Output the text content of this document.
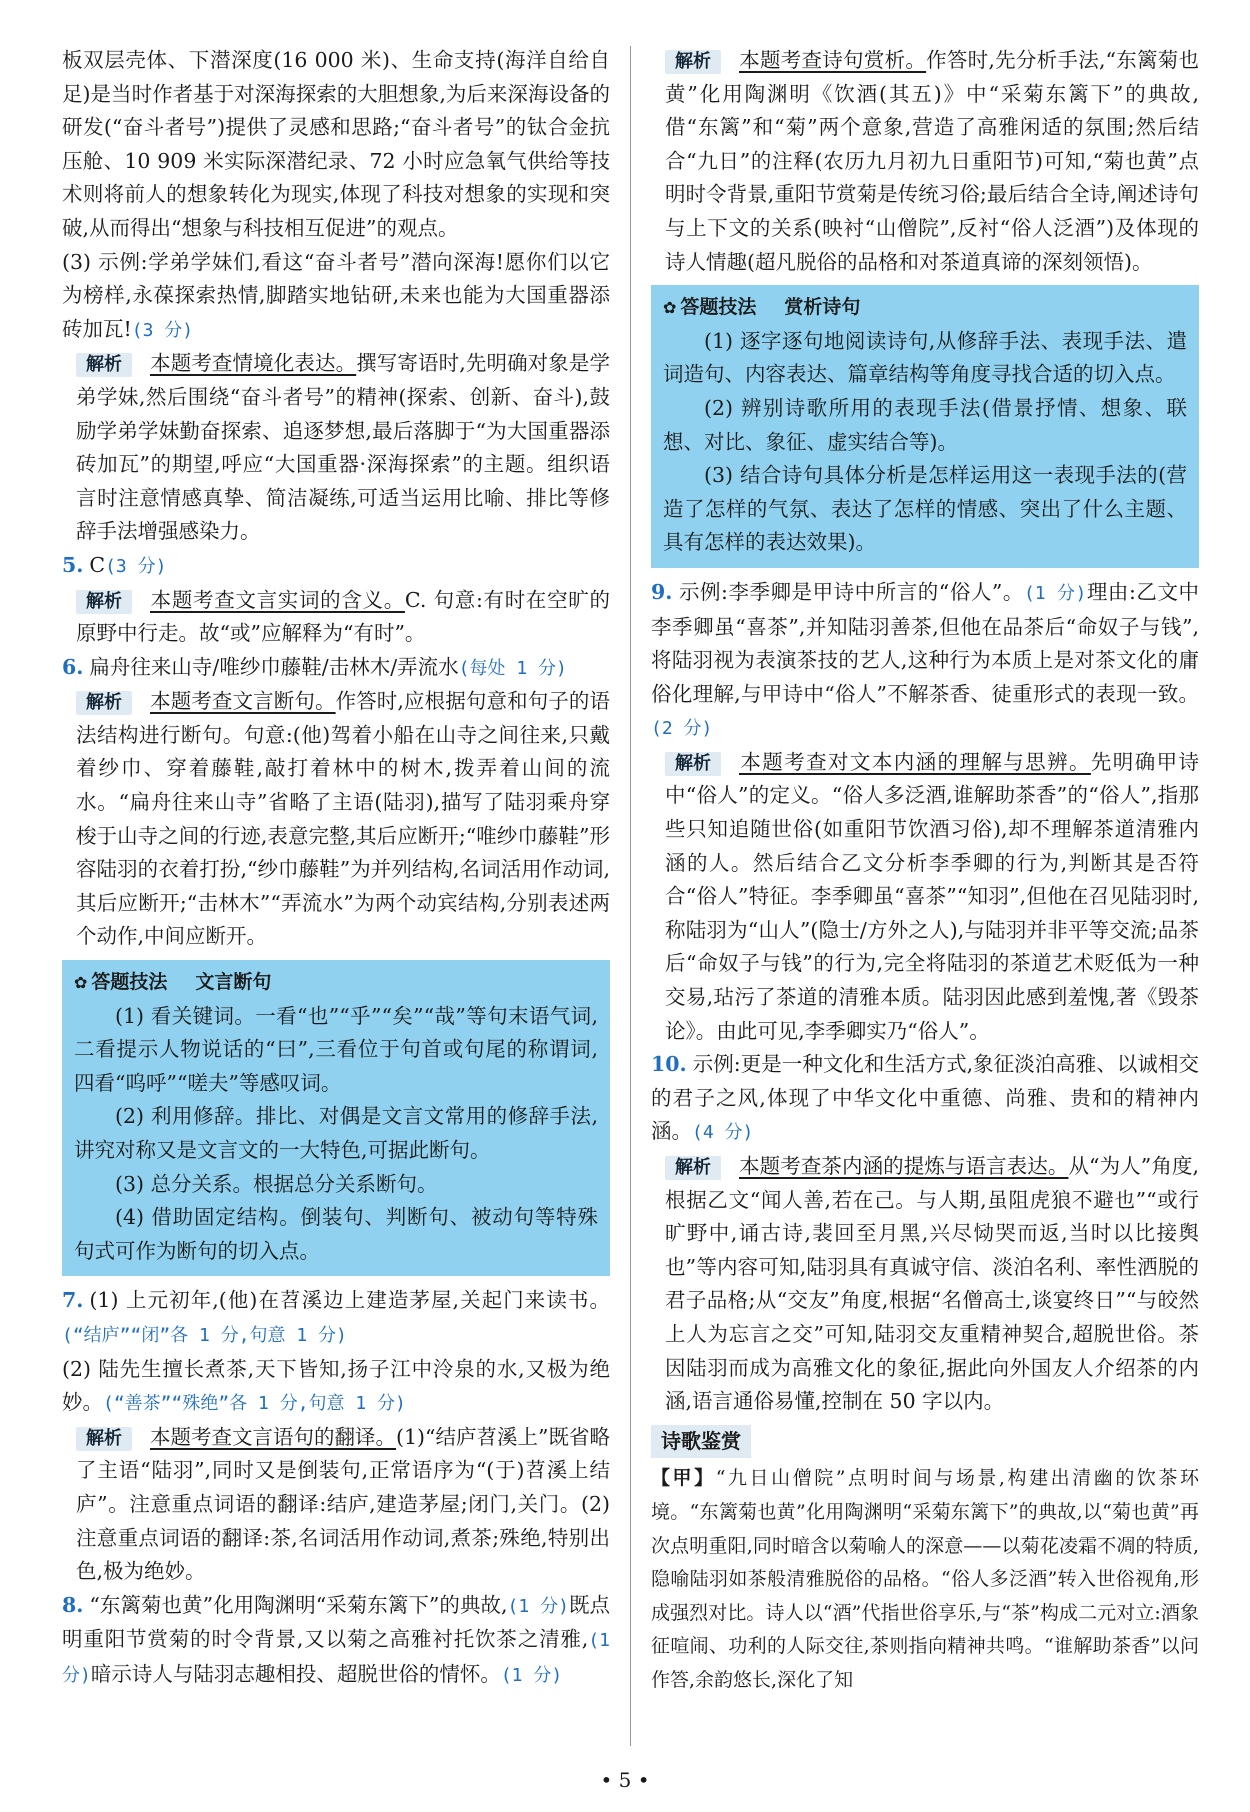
板双层壳体、下潜深度(16 000 米)、生命支持(海洋自给自足)是当时作者基于对深海探索的大胆想象,为后来深海设备的研发(“奋斗者号”)提供了灵感和思路;“奋斗者号”的钛合金抗压舱、10 909 米实际深潜纪录、72 小时应急氧气供给等技术则将前人的想象转化为现实,体现了科技对想象的实现和突破,从而得出“想象与科技相互促进”的观点。

(3) 示例:学弟学妹们,看这“奋斗者号”潜向深海!愿你们以它为榜样,永葆探索热情,脚踏实地钻研,未来也能为大国重器添砖加瓦!(3 分)

解析 本题考查情境化表达。撰写寄语时,先明确对象是学弟学妹,然后围绕“奋斗者号”的精神(探索、创新、奋斗),鼓励学弟学妹勤奋探索、追逐梦想,最后落脚于“为大国重器添砖加瓦”的期望,呼应“大国重器·深海探索”的主题。组织语言时注意情感真挚、简洁凝练,可适当运用比喻、排比等修辞手法增强感染力。

5. C(3 分)

解析 本题考查文言实词的含义。C. 句意:有时在空旷的原野中行走。故“或”应解释为“有时”。

6. 扁舟往来山寺/唯纱巾藤鞋/击林木/弄流水(每处 1 分)

解析 本题考查文言断句。作答时,应根据句意和句子的语法结构进行断句。句意:(他)驾着小船在山寺之间往来,只戴着纱巾、穿着藤鞋,敲打着林中的树木,拨弄着山间的流水。“扁舟往来山寺”省略了主语(陆羽),描写了陆羽乘舟穿梭于山寺之间的行迹,表意完整,其后应断开;“唯纱巾藤鞋”形容陆羽的衣着打扮,“纱巾藤鞋”为并列结构,名词活用作动词,其后应断开;“击林木”“弄流水”为两个动宾结构,分别表述两个动作,中间应断开。

✿ 答题技法 文言断句

(1) 看关键词。一看“也”“乎”“矣”“哉”等句末语气词,二看提示人物说话的“曰”,三看位于句首或句尾的称谓词,四看“呜呼”“嗟夫”等感叹词。

(2) 利用修辞。排比、对偶是文言文常用的修辞手法,讲究对称又是文言文的一大特色,可据此断句。

(3) 总分关系。根据总分关系断句。

(4) 借助固定结构。倒装句、判断句、被动句等特殊句式可作为断句的切入点。

7. (1) 上元初年,(他)在苕溪边上建造茅屋,关起门来读书。(“结庐”“闭”各 1 分,句意 1 分)

(2) 陆先生擅长煮茶,天下皆知,扬子江中泠泉的水,又极为绝妙。(“善茶”“殊绝”各 1 分,句意 1 分)

解析 本题考查文言语句的翻译。(1)“结庐苕溪上”既省略了主语“陆羽”,同时又是倒装句,正常语序为“(于)苕溪上结庐”。注意重点词语的翻译:结庐,建造茅屋;闭门,关门。(2) 注意重点词语的翻译:茶,名词活用作动词,煮茶;殊绝,特别出色,极为绝妙。

8. “东篱菊也黄”化用陶渊明“采菊东篱下”的典故,(1 分)既点明重阳节赏菊的时令背景,又以菊之高雅衬托饮茶之清雅,(1 分)暗示诗人与陆羽志趣相投、超脱世俗的情怀。(1 分)

解析 本题考查诗句赏析。作答时,先分析手法,“东篱菊也黄”化用陶渊明《饮酒(其五)》中“采菊东篱下”的典故,借“东篱”和“菊”两个意象,营造了高雅闲适的氛围;然后结合“九日”的注释(农历九月初九日重阳节)可知,“菊也黄”点明时令背景,重阳节赏菊是传统习俗;最后结合全诗,阐述诗句与上下文的关系(映衬“山僧院”,反衬“俗人泛酒”)及体现的诗人情趣(超凡脱俗的品格和对茶道真谛的深刻领悟)。

✿ 答题技法 赏析诗句

(1) 逐字逐句地阅读诗句,从修辞手法、表现手法、遣词造句、内容表达、篇章结构等角度寻找合适的切入点。

(2) 辨别诗歌所用的表现手法(借景抒情、想象、联想、对比、象征、虚实结合等)。

(3) 结合诗句具体分析是怎样运用这一表现手法的(营造了怎样的气氛、表达了怎样的情感、突出了什么主题、具有怎样的表达效果)。

9. 示例:李季卿是甲诗中所言的“俗人”。(1 分)理由:乙文中李季卿虽“喜茶”,并知陆羽善茶,但他在品茶后“命奴子与钱”,将陆羽视为表演茶技的艺人,这种行为本质上是对茶文化的庸俗化理解,与甲诗中“俗人”不解茶香、徒重形式的表现一致。(2 分)

解析 本题考查对文本内涵的理解与思辨。先明确甲诗中“俗人”的定义。“俗人多泛酒,谁解助茶香”的“俗人”,指那些只知追随世俗(如重阳节饮酒习俗),却不理解茶道清雅内涵的人。然后结合乙文分析李季卿的行为,判断其是否符合“俗人”特征。李季卿虽“喜茶”“知羽”,但他在召见陆羽时,称陆羽为“山人”(隐士/方外之人),与陆羽并非平等交流;品茶后“命奴子与钱”的行为,完全将陆羽的茶道艺术贬低为一种交易,玷污了茶道的清雅本质。陆羽因此感到羞愧,著《毁茶论》。由此可见,李季卿实乃“俗人”。

10. 示例:更是一种文化和生活方式,象征淡泊高雅、以诚相交的君子之风,体现了中华文化中重德、尚雅、贵和的精神内涵。(4 分)

解析 本题考查茶内涵的提炼与语言表达。从“为人”角度,根据乙文“闻人善,若在己。与人期,虽阻虎狼不避也”“或行旷野中,诵古诗,裴回至月黑,兴尽恸哭而返,当时以比接舆也”等内容可知,陆羽具有真诚守信、淡泊名利、率性洒脱的君子品格;从“交友”角度,根据“名僧高士,谈宴终日”“与皎然上人为忘言之交”可知,陆羽交友重精神契合,超脱世俗。茶因陆羽而成为高雅文化的象征,据此向外国友人介绍茶的内涵,语言通俗易懂,控制在 50 字以内。

诗歌鉴赏

【甲】“九日山僧院”点明时间与场景,构建出清幽的饮茶环境。“东篱菊也黄”化用陶渊明“采菊东篱下”的典故,以“菊也黄”再次点明重阳,同时暗含以菊喻人的深意——以菊花凌霜不凋的特质,隐喻陆羽如茶般清雅脱俗的品格。“俗人多泛酒”转入世俗视角,形成强烈对比。诗人以“酒”代指世俗享乐,与“茶”构成二元对立:酒象征喧闹、功利的人际交往,茶则指向精神共鸣。“谁解助茶香”以问作答,余韵悠长,深化了知

• 5 •
